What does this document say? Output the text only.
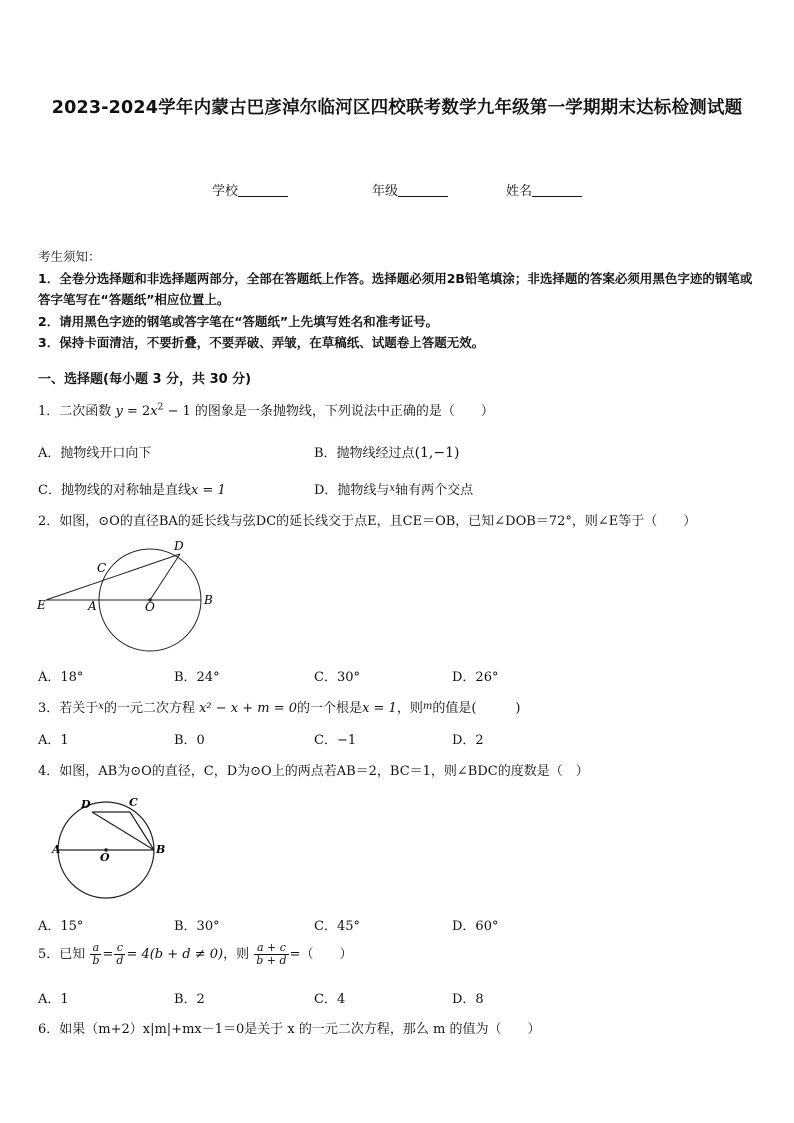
2023-2024学年内蒙古巴彦淖尔临河区四校联考数学九年级第一学期期末达标检测试题
学校	年级	姓名
考生须知：
1．全卷分选择题和非选择题两部分，全部在答题纸上作答。选择题必须用2B铅笔填涂；非选择题的答案必须用黑色字迹的钢笔或答字笔写在“答题纸”相应位置上。
2．请用黑色字迹的钢笔或答字笔在“答题纸”上先填写姓名和准考证号。
3．保持卡面清洁，不要折叠，不要弄破、弄皱，在草稿纸、试题卷上答题无效。
一、选择题(每小题 3 分，共 30 分)
1．二次函数 $y = 2x^2 - 1$ 的图象是一条抛物线，下列说法中正确的是（　　）
A．抛物线开口向下	B．抛物线经过点(1,−1)
C．抛物线的对称轴是直线x = 1	D．抛物线与$^x$轴有两个交点
2．如图，⊙O的直径BA的延长线与弦DC的延长线交于点E，且CE＝OB，已知∠DOB＝72°，则∠E等于（　　）
D
C
E	A	O	B
A．18°	B．24°	C．30°	D．26°
3．若关于$^x$的一元二次方程 x² − x + m = 0的一个根是x = 1，则$^m$的值是(　　　)
A．1	B．0	C．−1	D．2
4．如图，AB为⊙O的直径，C，D为⊙O上的两点若AB＝2，BC＝1，则∠BDC的度数是（　）
D	C
A
O
B
A．15°	B．30°	C．45°	D．60°
5．已知 $\frac{a}{b} = \frac{c}{d} = 4(b + d \ne 0)$，则 $\frac{a + c}{b + d}$ =（　　）
A．1	B．2	C．4	D．8
6．如果（m+2）x|m|+mx－1＝0是关于 x 的一元二次方程，那么 m 的值为（　　）
